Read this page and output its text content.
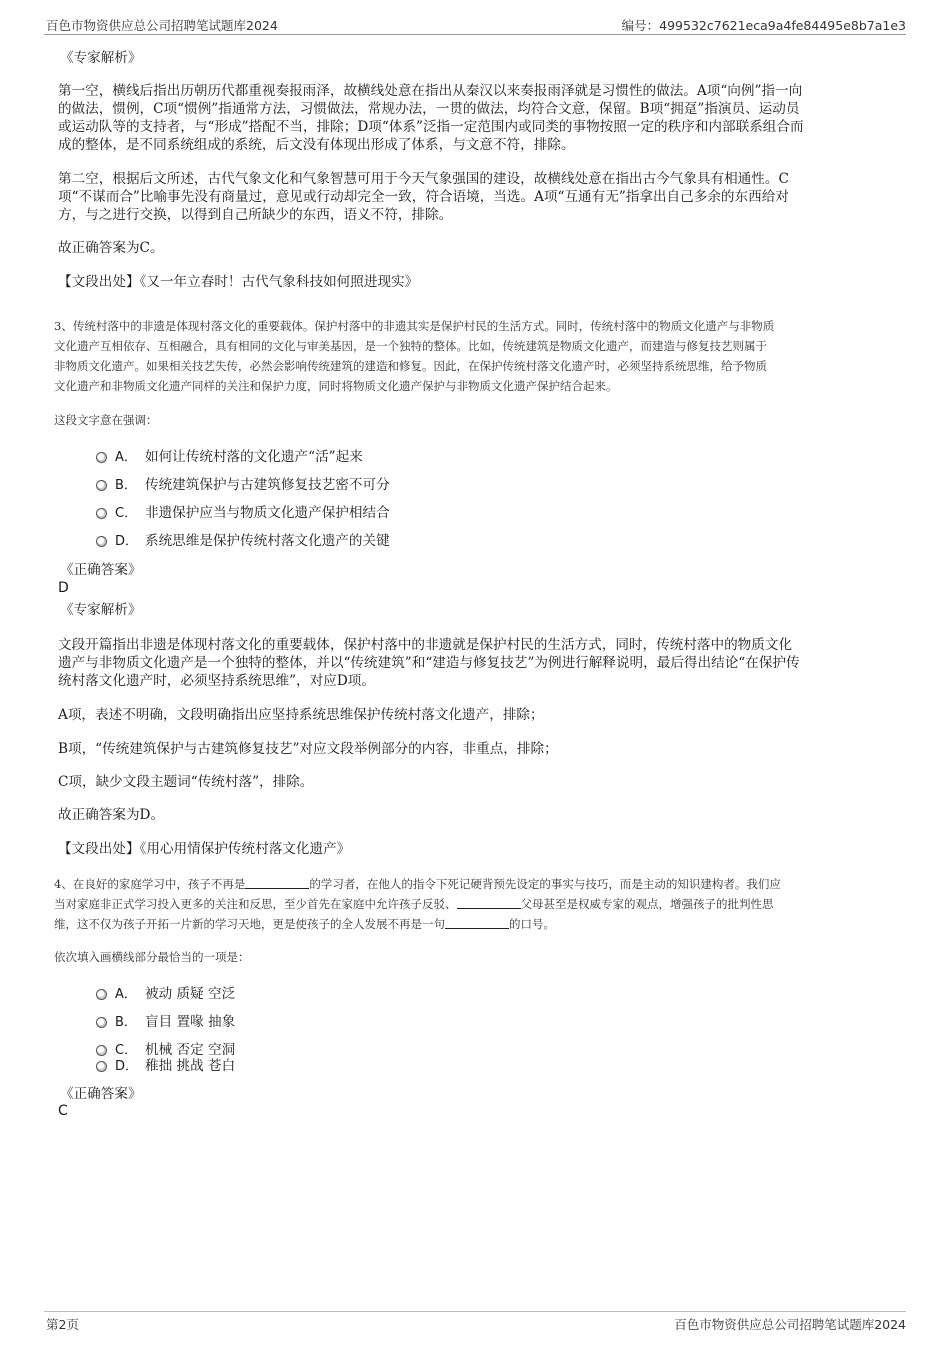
百色市物资供应总公司招聘笔试题库2024	编号：499532c7621eca9a4fe84495e8b7a1e3
《专家解析》
第一空，横线后指出历朝历代都重视奏报雨泽，故横线处意在指出从秦汉以来奏报雨泽就是习惯性的做法。A项“向例”指一向
的做法，惯例，C项“惯例”指通常方法，习惯做法，常规办法，一贯的做法，均符合文意，保留。B项“拥趸”指演员、运动员
或运动队等的支持者，与“形成”搭配不当，排除；D项“体系”泛指一定范围内或同类的事物按照一定的秩序和内部联系组合而
成的整体，是不同系统组成的系统，后文没有体现出形成了体系，与文意不符，排除。
第二空，根据后文所述，古代气象文化和气象智慧可用于今天气象强国的建设，故横线处意在指出古今气象具有相通性。C
项“不谋而合”比喻事先没有商量过，意见或行动却完全一致，符合语境，当选。A项“互通有无”指拿出自己多余的东西给对
方，与之进行交换，以得到自己所缺少的东西，语义不符，排除。
故正确答案为C。
【文段出处】《又一年立春时！古代气象科技如何照进现实》
3、传统村落中的非遗是体现村落文化的重要载体。保护村落中的非遗其实是保护村民的生活方式。同时，传统村落中的物质文化遗产与非物质
文化遗产互相依存、互相融合，具有相同的文化与审美基因，是一个独特的整体。比如，传统建筑是物质文化遗产，而建造与修复技艺则属于
非物质文化遗产。如果相关技艺失传，必然会影响传统建筑的建造和修复。因此，在保护传统村落文化遗产时，必须坚持系统思维，给予物质
文化遗产和非物质文化遗产同样的关注和保护力度，同时将物质文化遗产保护与非物质文化遗产保护结合起来。
这段文字意在强调：
A． 如何让传统村落的文化遗产“活”起来
B． 传统建筑保护与古建筑修复技艺密不可分
C． 非遗保护应当与物质文化遗产保护相结合
D． 系统思维是保护传统村落文化遗产的关键
《正确答案》
D
《专家解析》
文段开篇指出非遗是体现村落文化的重要载体，保护村落中的非遗就是保护村民的生活方式，同时，传统村落中的物质文化
遗产与非物质文化遗产是一个独特的整体，并以“传统建筑”和“建造与修复技艺”为例进行解释说明，最后得出结论“在保护传
统村落文化遗产时，必须坚持系统思维”，对应D项。
A项，表述不明确，文段明确指出应坚持系统思维保护传统村落文化遗产，排除；
B项，“传统建筑保护与古建筑修复技艺”对应文段举例部分的内容，非重点，排除；
C项，缺少文段主题词“传统村落”，排除。
故正确答案为D。
【文段出处】《用心用情保护传统村落文化遗产》
4、在良好的家庭学习中，孩子不再是	的学习者，在他人的指令下死记硬背预先设定的事实与技巧，而是主动的知识建构者。我们应
当对家庭非正式学习投入更多的关注和反思，至少首先在家庭中允许孩子反驳、	父母甚至是权威专家的观点，增强孩子的批判性思
维，这不仅为孩子开拓一片新的学习天地，更是使孩子的全人发展不再是一句	的口号。
依次填入画横线部分最恰当的一项是：
A． 被动 质疑 空泛
B． 盲目 置喙 抽象
C． 机械 否定 空洞
D． 稚拙 挑战 苍白
《正确答案》
C
第2页	百色市物资供应总公司招聘笔试题库2024
